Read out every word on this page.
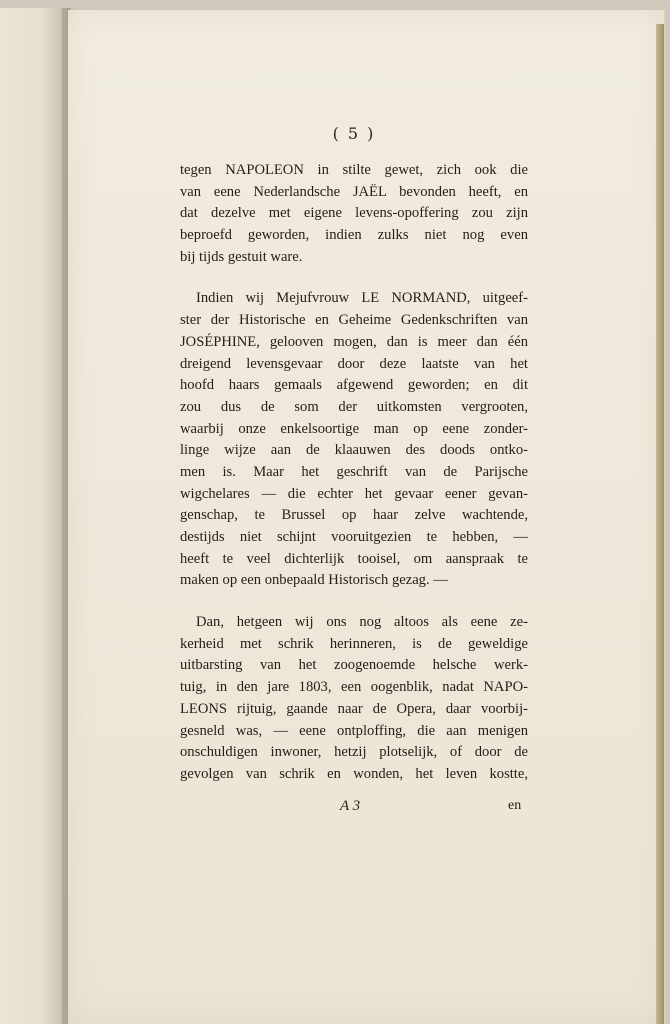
( 5 )
tegen NAPOLEON in stilte gewet, zich ook die
van eene Nederlandsche JAËL bevonden heeft, en
dat dezelve met eigene levens-opoffering zou zijn
beproefd geworden, indien zulks niet nog even
bij tijds gestuit ware.
Indien wij Mejufvrouw LE NORMAND, uitgeef-
ster der Historische en Geheime Gedenkschriften van
JOSÉPHINE, gelooven mogen, dan is meer dan één
dreigend levensgevaar door deze laatste van het
hoofd haars gemaals afgewend geworden; en dit
zou dus de som der uitkomsten vergrooten,
waarbij onze enkelsoortige man op eene zonder-
linge wijze aan de klaauwen des doods ontko-
men is. Maar het geschrift van de Parijsche
wigchelares — die echter het gevaar eener gevan-
genschap, te Brussel op haar zelve wachtende,
destijds niet schijnt vooruitgezien te hebben, —
heeft te veel dichterlijk tooisel, om aanspraak te
maken op een onbepaald Historisch gezag. —
Dan, hetgeen wij ons nog altoos als eene ze-
kerheid met schrik herinneren, is de geweldige
uitbarsting van het zoogenoemde helsche werk-
tuig, in den jare 1803, een oogenblik, nadat NAPO-
LEONS rijtuig, gaande naar de Opera, daar voorbij-
gesneld was, — eene ontploffing, die aan menigen
onschuldigen inwoner, hetzij plotselijk, of door de
gevolgen van schrik en wonden, het leven kostte,
A 3	en
